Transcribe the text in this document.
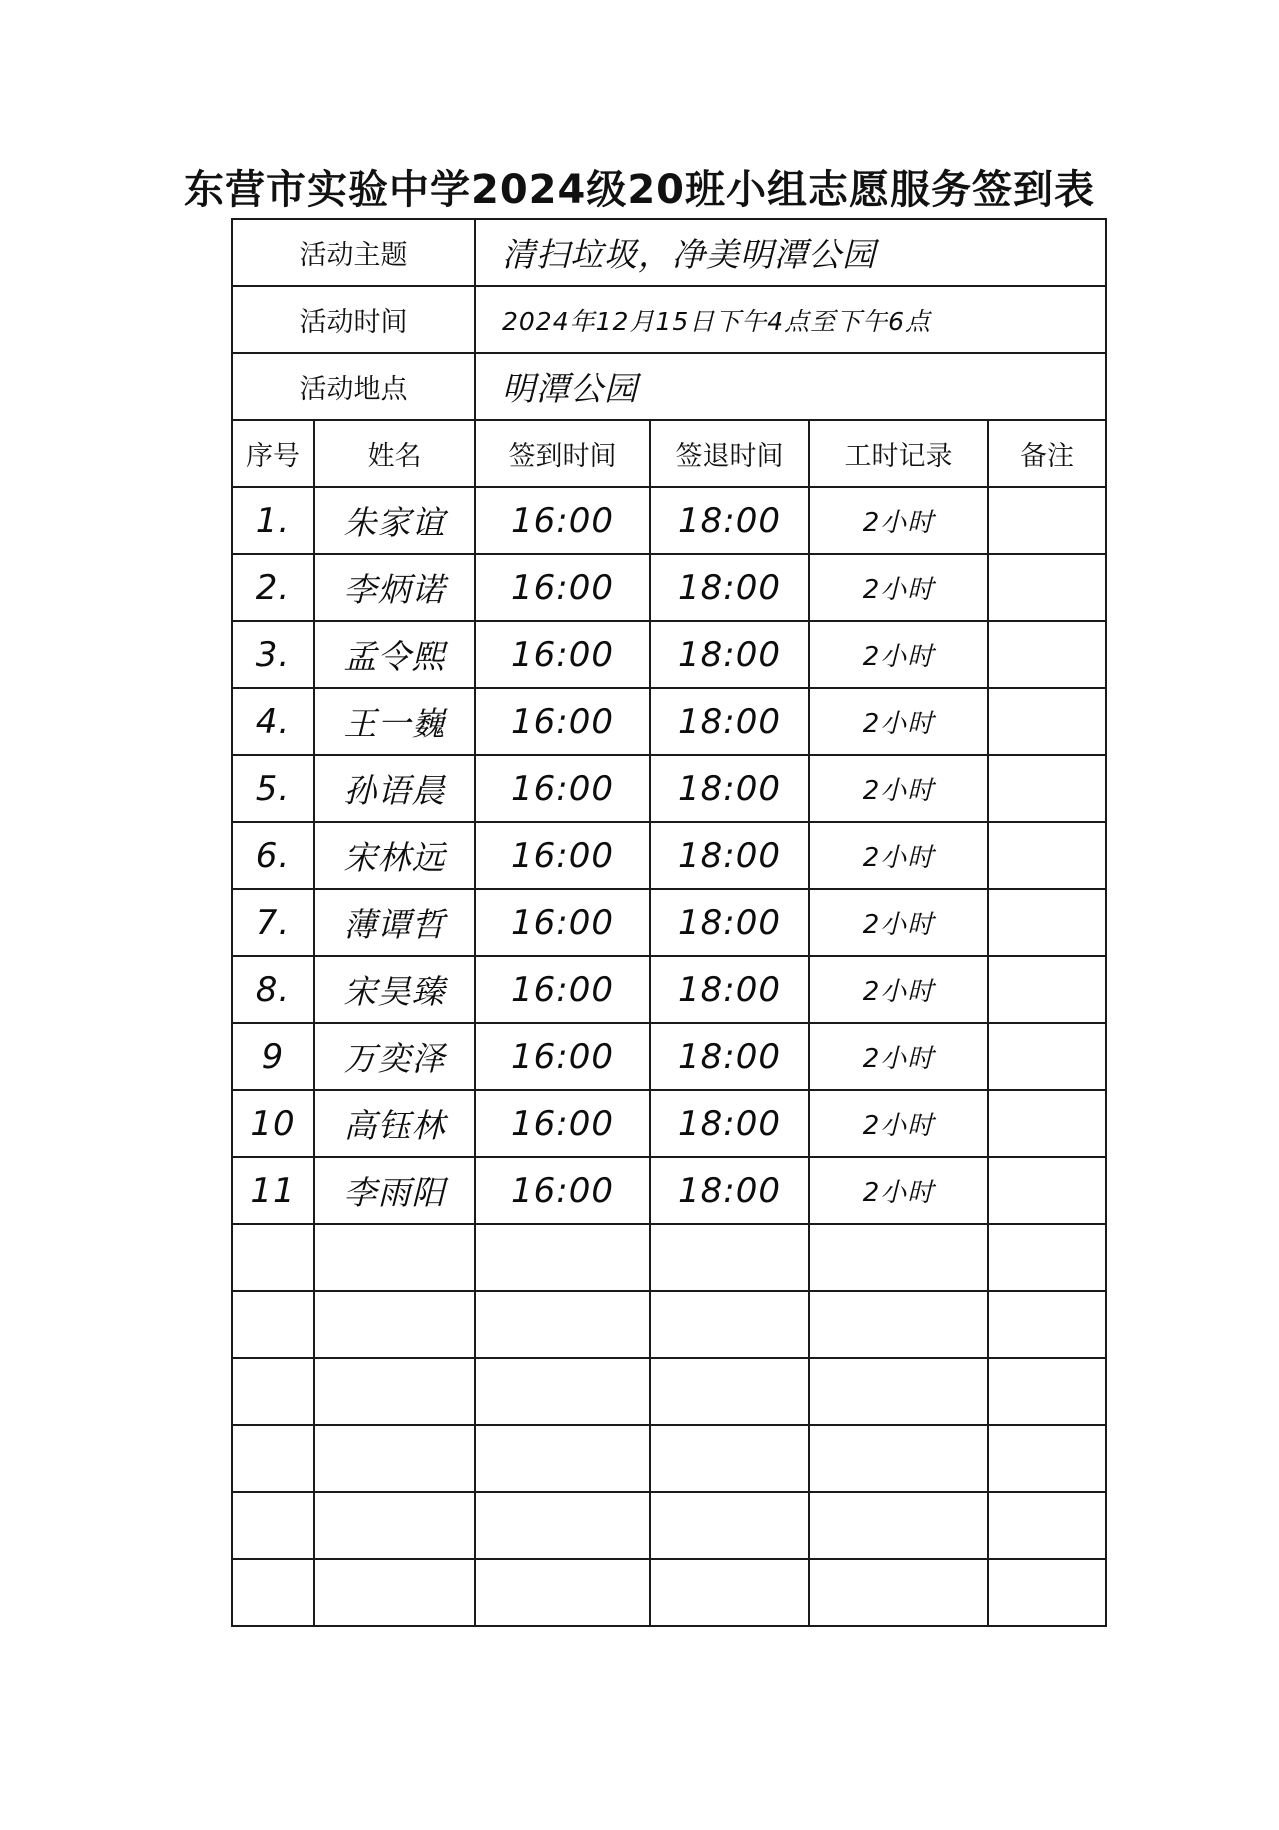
东营市实验中学2024级20班小组志愿服务签到表
活动主题		清扫垃圾，净美明潭公园			
活动时间		2024年12月15日下午4点至下午6点			
活动地点		明潭公园			
序号	姓名	签到时间	签退时间	工时记录	备注
1.	朱家谊	16:00	18:00	2小时	
2.	李炳诺	16:00	18:00	2小时	
3.	孟令熙	16:00	18:00	2小时	
4.	王一巍	16:00	18:00	2小时	
5.	孙语晨	16:00	18:00	2小时	
6.	宋林远	16:00	18:00	2小时	
7.	薄谭哲	16:00	18:00	2小时	
8.	宋昊臻	16:00	18:00	2小时	
9	万奕泽	16:00	18:00	2小时	
10	高钰林	16:00	18:00	2小时	
11	李雨阳	16:00	18:00	2小时	
